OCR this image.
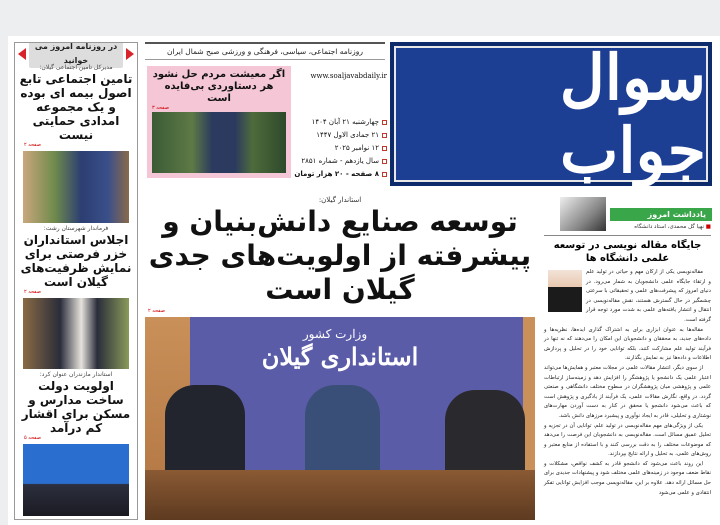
در روزنامه امروز می خوانید
مدیرکل تامین اجتماعی گیلان:
تامین اجتماعی تابع اصول بیمه ای بوده و یک مجموعه امدادی حمایتی نیست
صفحه ۲
فرماندار شهرستان رشت:
اجلاس استانداران خزر فرصتی برای نمایش ظرفیت‌های گیلان است
صفحه ۲
استاندار مازندران عنوان کرد:
اولویت دولت ساخت مدارس و مسکن برای اقشار کم درآمد
صفحه ۵
روزنامه اجتماعی، سیاسی، فرهنگی و ورزشی صبح شمال ایران
اگر معیشت مردم حل نشود هر دستاوردی بی‌فایده است
صفحه ۳
www.soaljavabdaily.ir
چهارشنبه ۲۱ آبان ۱۴۰۴
۲۱ جمادی الاول ۱۴۴۷
۱۲ نوامبر ۲۰۲۵
سال یازدهم - شماره ۲۸۵۱
۸ صفحه - ۲۰ هزار تومان
سوال جواب
استاندار گیلان:
توسعه صنایع دانش‌بنیان و پیشرفته از اولویت‌های جدی گیلان است
صفحه ۲
وزارت کشور
استانداری گیلان
یادداشت امروز
■ نهیا گل محمدی، استاد دانشگاه
جایگاه مقاله نویسی در توسعه علمی دانشگاه ها

مقاله‌نویسی یکی از ارکان مهم و حیاتی در تولید علم و ارتقاء جایگاه علمی دانشجویان به شمار می‌رود. در دنیای امروز که پیشرفت‌های علمی و تحقیقاتی با سرعتی چشمگیر در حال گسترش هستند، نقش مقاله‌نویسی در انتقال و انتشار یافته‌های علمی به شدت مورد توجه قرار گرفته است.

مقاله‌ها به عنوان ابزاری برای به اشتراک گذاری ایده‌ها، نظریه‌ها و داده‌های جدید، به محققان و دانشجویان این امکان را می‌دهند که نه تنها در فرآیند تولید علم مشارکت کنند، بلکه توانایی خود را در تحلیل و پردازش اطلاعات و داده‌ها نیز به نمایش بگذارند.

از سوی دیگر، انتشار مقالات علمی در مجلات معتبر و همایش‌ها می‌تواند اعتبار علمی یک دانشجو یا پژوهشگر را افزایش دهد و زمینه‌ساز ارتباطات علمی و پژوهشی میان پژوهشگران در سطوح مختلف دانشگاهی و صنعتی گردد. در واقع، نگارش مقالات علمی، یک فرآیند از یادگیری و پژوهش است که باعث می‌شود دانشجو یا محقق در کنار به دست آوردن مهارت‌های نوشتاری و تحلیلی، قادر به ایجاد نوآوری و پیشبرد مرزهای دانش باشد.

یکی از ویژگی‌های مهم مقاله‌نویسی در تولید علم، توانایی آن در تجزیه و تحلیل عمیق مسائل است. مقاله‌نویسی به دانشجویان این فرصت را می‌دهد که موضوعات مختلف را به دقت بررسی کنند و با استفاده از منابع معتبر و روش‌های علمی، به تحلیل و ارائه نتایج بپردازند.

این روند باعث می‌شود که دانشجو قادر به کشف نواقص، مشکلات و نقاط ضعف موجود در زمینه‌های علمی مختلف شود و پیشنهادات جدیدی برای حل مسائل ارائه دهد. علاوه بر این، مقاله‌نویسی موجب افزایش توانایی تفکر انتقادی و علمی می‌شود
